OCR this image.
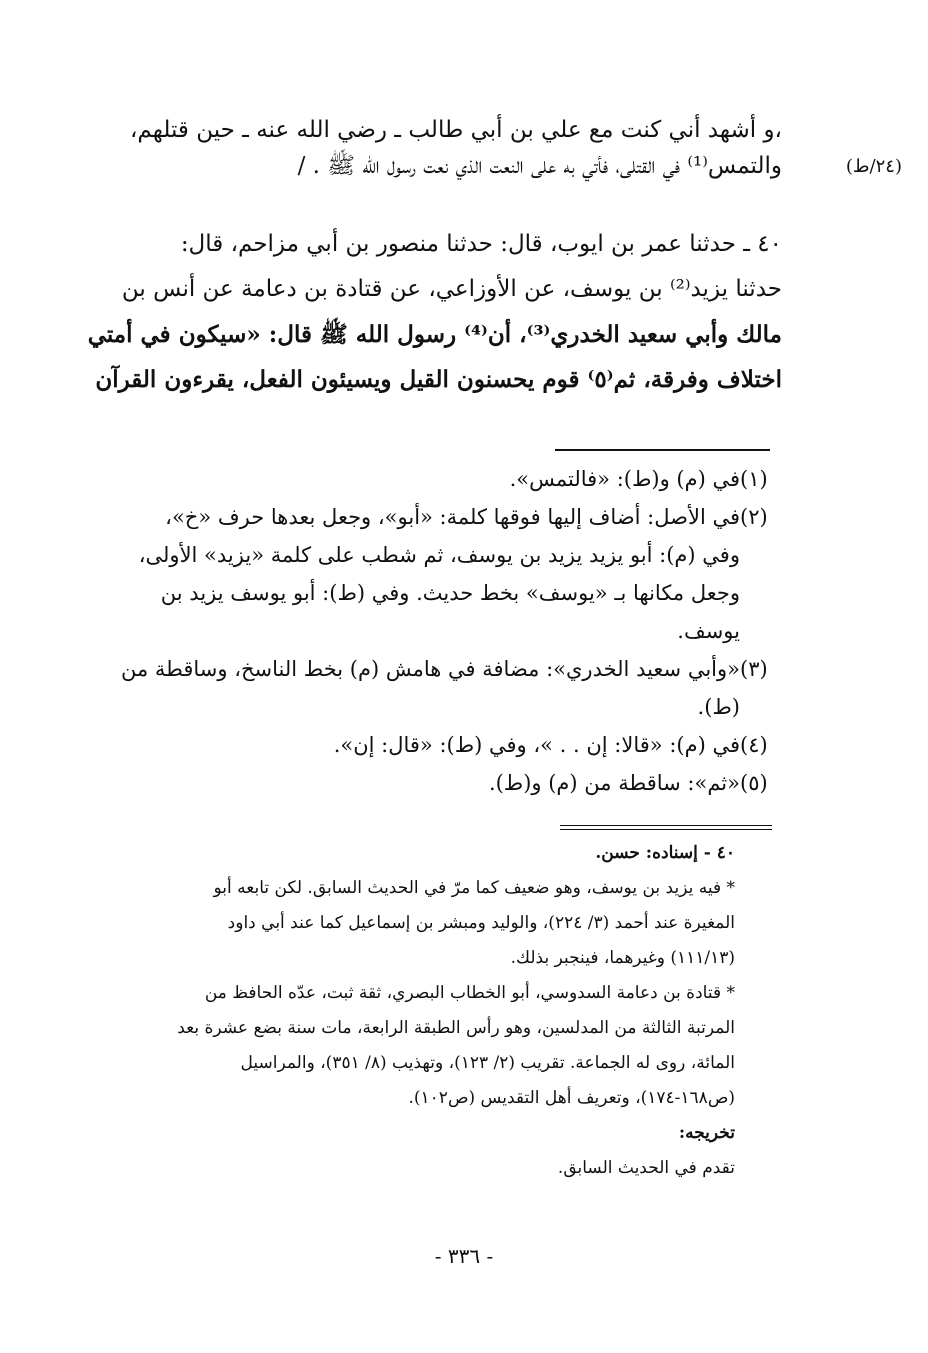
،و أشهد أني كنت مع علي بن أبي طالب ـ رضي الله عنه ـ حين قتلهم،
والتمس⁽¹⁾ في القتلى، فأتي به على النعت الذي نعت رسول الله ﷺ . /	(٢٤/ط)
٤٠ ـ حدثنا عمر بن ايوب، قال: حدثنا منصور بن أبي مزاحم، قال:
حدثنا يزيد⁽²⁾ بن يوسف، عن الأوزاعي، عن قتادة بن دعامة عن أنس بن
مالك وأبي سعيد الخدري⁽³⁾، أن⁽⁴⁾ رسول الله ﷺ قال: «سيكون في أمتي
اختلاف وفرقة، ثم⁽٥⁾ قوم يحسنون القيل ويسيئون الفعل، يقرءون القرآن
في (م) و(ط): «فالتمس». (١)
في الأصل: أضاف إليها فوقها كلمة: «أبو»، وجعل بعدها حرف «خ»،
وفي (م): أبو يزيد يزيد بن يوسف، ثم شطب على كلمة «يزيد» الأولى،
وجعل مكانها بـ «يوسف» بخط حديث. وفي (ط): أبو يوسف يزيد بن
يوسف.
(٢)
«وأبي سعيد الخدري»: مضافة في هامش (م) بخط الناسخ، وساقطة من
(ط).
(٣)
في (م): «قالا: إن . . »، وفي (ط): «قال: إن». (٤)
«ثم»: ساقطة من (م) و(ط). (٥)
٤٠ - إسناده: حسن.
* فيه يزيد بن يوسف، وهو ضعيف كما مرّ في الحديث السابق. لكن تابعه أبو
المغيرة عند أحمد (٣/ ٢٢٤)، والوليد ومبشر بن إسماعيل كما عند أبي داود
(١١١/١٣) وغيرهما، فينجبر بذلك.
* قتادة بن دعامة السدوسي، أبو الخطاب البصري، ثقة ثبت، عدّه الحافظ من
المرتبة الثالثة من المدلسين، وهو رأس الطبقة الرابعة، مات سنة بضع عشرة بعد
المائة، روى له الجماعة. تقريب (٢/ ١٢٣)، وتهذيب (٨/ ٣٥١)، والمراسيل
(ص١٦٨-١٧٤)، وتعريف أهل التقديس (ص١٠٢).
تخريجه:
تقدم في الحديث السابق.
- ٣٣٦ -
